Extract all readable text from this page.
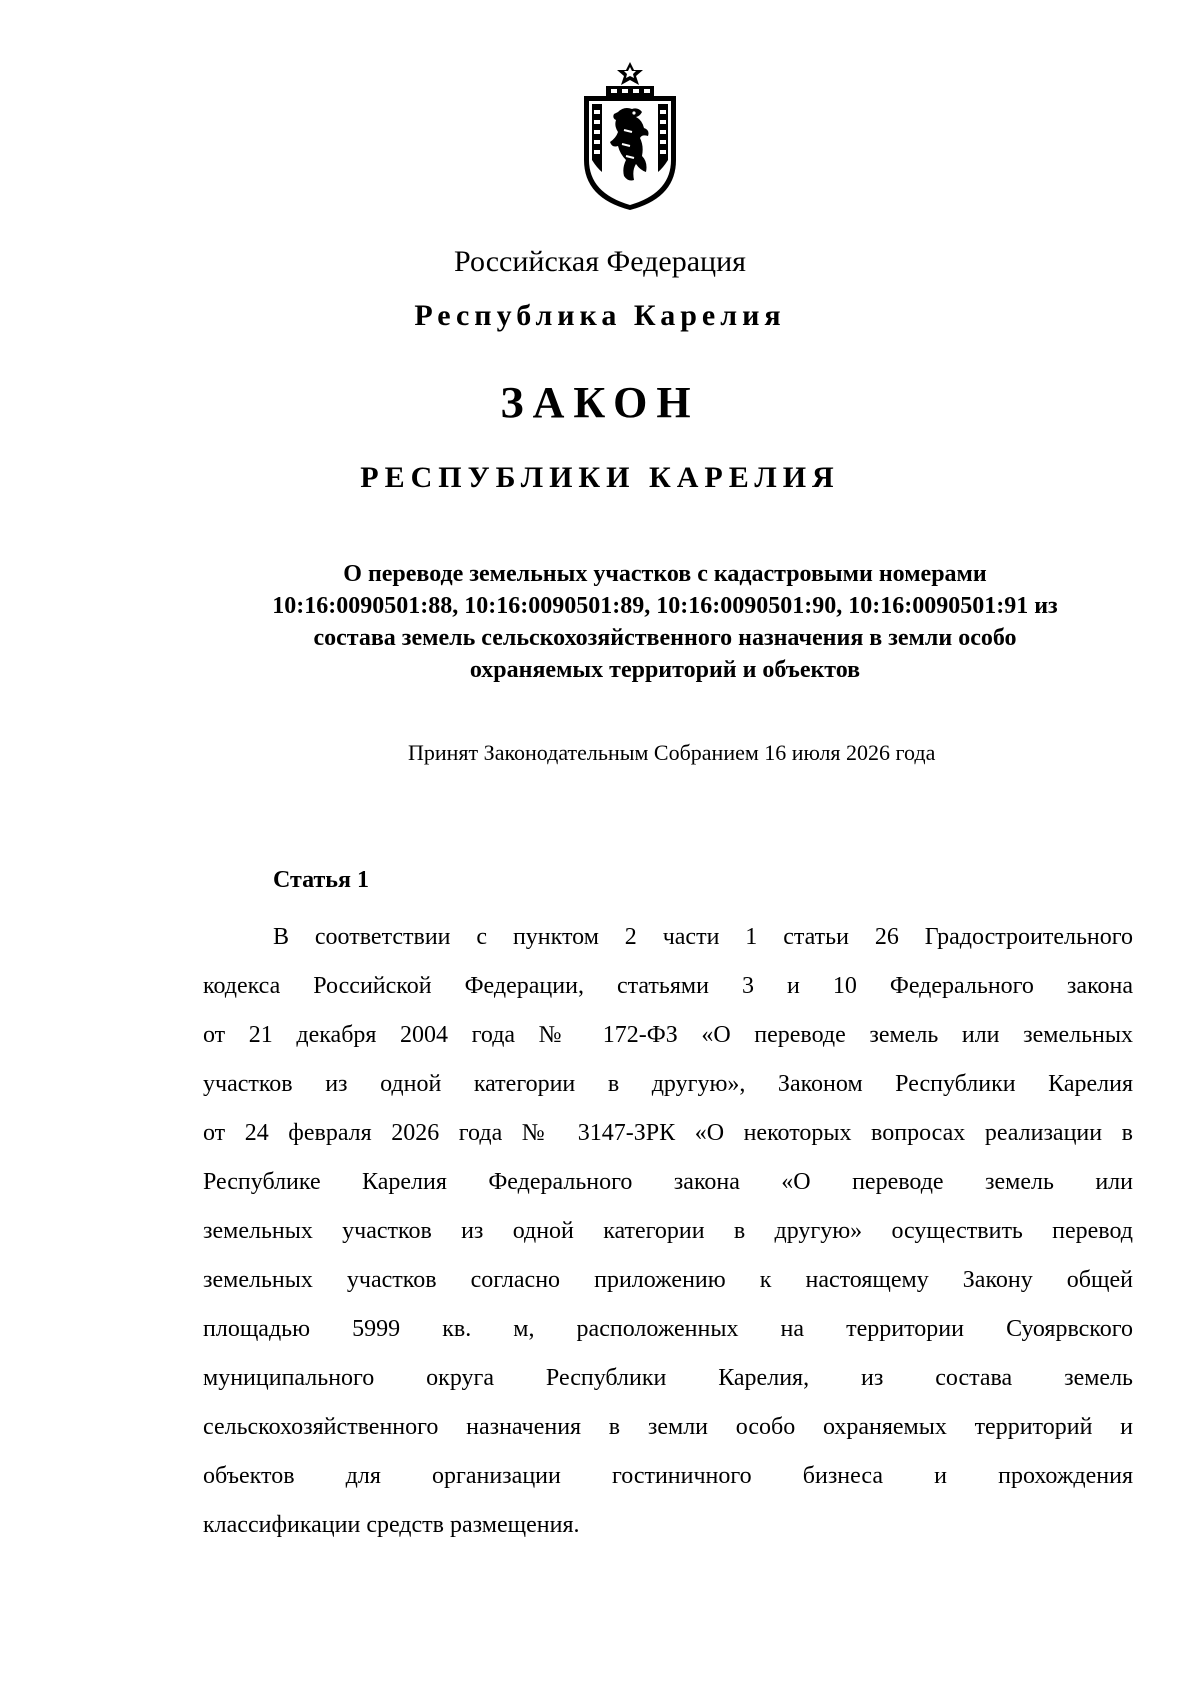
Российская Федерация
Республика Карелия
ЗАКОН
РЕСПУБЛИКИ КАРЕЛИЯ
О переводе земельных участков с кадастровыми номерами
10:16:0090501:88, 10:16:0090501:89, 10:16:0090501:90, 10:16:0090501:91 из
состава земель сельскохозяйственного назначения в земли особо
охраняемых территорий и объектов
Принят Законодательным Собранием 16 июля 2026 года
Статья 1
В соответствии с пунктом 2 части 1 статьи 26 Градостроительного
кодекса Российской Федерации, статьями 3 и 10 Федерального закона
от 21 декабря 2004 года № 172-ФЗ «О переводе земель или земельных
участков из одной категории в другую», Законом Республики Карелия
от 24 февраля 2026 года № 3147-ЗРК «О некоторых вопросах реализации в
Республике Карелия Федерального закона «О переводе земель или
земельных участков из одной категории в другую» осуществить перевод
земельных участков согласно приложению к настоящему Закону общей
площадью 5999 кв. м, расположенных на территории Суоярвского
муниципального округа Республики Карелия, из состава земель
сельскохозяйственного назначения в земли особо охраняемых территорий и
объектов для организации гостиничного бизнеса и прохождения
классификации средств размещения.
